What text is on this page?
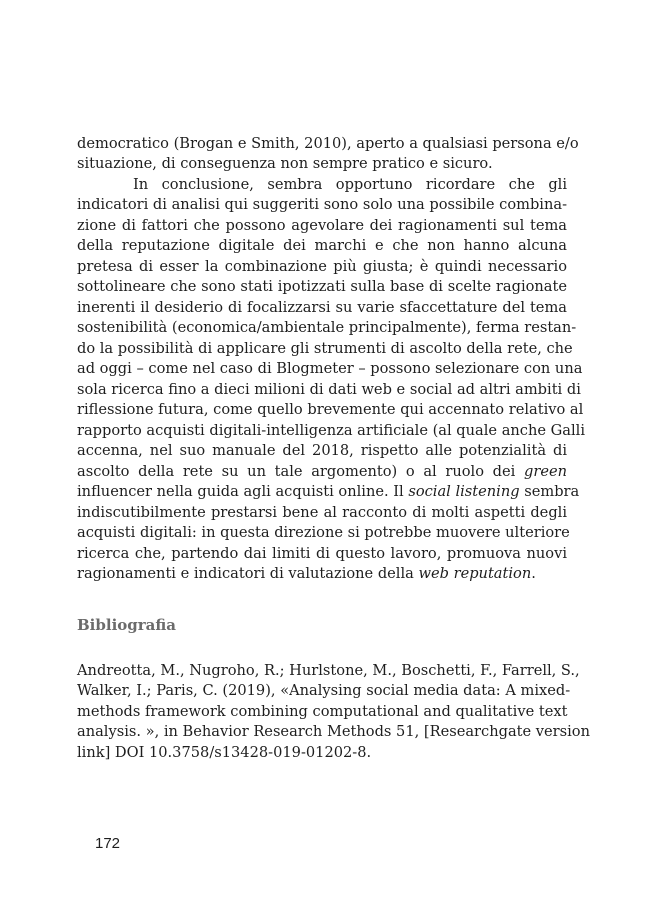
democratico (Brogan e Smith, 2010), aperto a qualsiasi persona e/o
situazione, di conseguenza non sempre pratico e sicuro.
In conclusione, sembra opportuno ricordare che gli
indicatori di analisi qui suggeriti sono solo una possibile combina-
zione di fattori che possono agevolare dei ragionamenti sul tema
della reputazione digitale dei marchi e che non hanno alcuna
pretesa di esser la combinazione più giusta; è quindi necessario
sottolineare che sono stati ipotizzati sulla base di scelte ragionate
inerenti il desiderio di focalizzarsi su varie sfaccettature del tema
sostenibilità (economica/ambientale principalmente), ferma restan-
do la possibilità di applicare gli strumenti di ascolto della rete, che
ad oggi – come nel caso di Blogmeter – possono selezionare con una
sola ricerca fino a dieci milioni di dati web e social ad altri ambiti di
riflessione futura, come quello brevemente qui accennato relativo al
rapporto acquisti digitali-intelligenza artificiale (al quale anche Galli
accenna, nel suo manuale del 2018, rispetto alle potenzialità di
ascolto della rete su un tale argomento) o al ruolo dei green
influencer nella guida agli acquisti online. Il social listening sembra
indiscutibilmente prestarsi bene al racconto di molti aspetti degli
acquisti digitali: in questa direzione si potrebbe muovere ulteriore
ricerca che, partendo dai limiti di questo lavoro, promuova nuovi
ragionamenti e indicatori di valutazione della web reputation.
Bibliografia
Andreotta, M., Nugroho, R.; Hurlstone, M., Boschetti, F., Farrell, S.,
Walker, I.; Paris, C. (2019), «Analysing social media data: A mixed-
methods framework combining computational and qualitative text
analysis. », in Behavior Research Methods 51, [Researchgate version
link] DOI 10.3758/s13428-019-01202-8.
172
